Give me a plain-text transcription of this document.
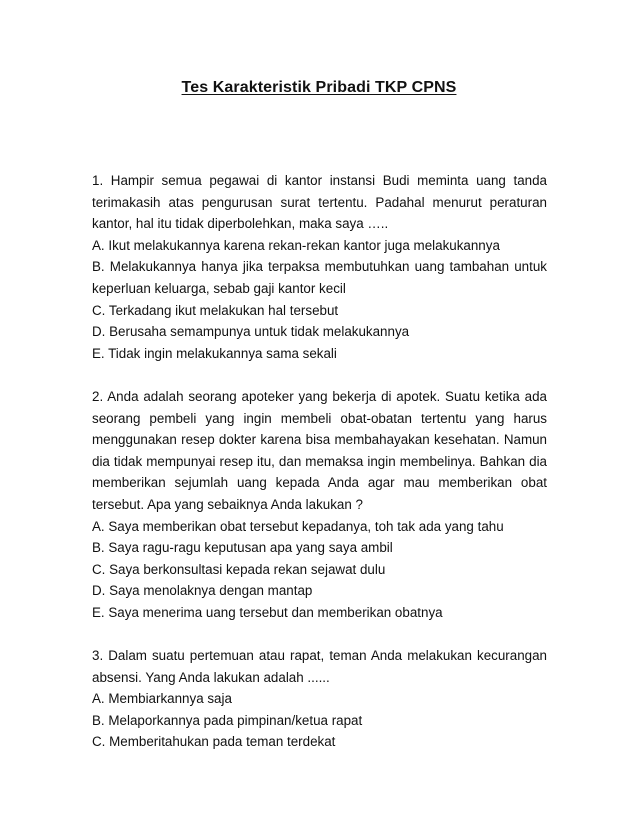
Tes Karakteristik Pribadi TKP CPNS

1. Hampir semua pegawai di kantor instansi Budi meminta uang tanda terimakasih atas pengurusan surat tertentu. Padahal menurut peraturan kantor, hal itu tidak diperbolehkan, maka saya …..

A. Ikut melakukannya karena rekan-rekan kantor juga melakukannya

B. Melakukannya hanya jika terpaksa membutuhkan uang tambahan untuk keperluan keluarga, sebab gaji kantor kecil

C. Terkadang ikut melakukan hal tersebut

D. Berusaha semampunya untuk tidak melakukannya

E. Tidak ingin melakukannya sama sekali

2. Anda adalah seorang apoteker yang bekerja di apotek. Suatu ketika ada seorang pembeli yang ingin membeli obat-obatan tertentu yang harus menggunakan resep dokter karena bisa membahayakan kesehatan. Namun dia tidak mempunyai resep itu, dan memaksa ingin membelinya. Bahkan dia memberikan sejumlah uang kepada Anda agar mau memberikan obat tersebut. Apa yang sebaiknya Anda lakukan ?

A. Saya memberikan obat tersebut kepadanya, toh tak ada yang tahu

B. Saya ragu-ragu keputusan apa yang saya ambil

C. Saya berkonsultasi kepada rekan sejawat dulu

D. Saya menolaknya dengan mantap

E. Saya menerima uang tersebut dan memberikan obatnya

3. Dalam suatu pertemuan atau rapat, teman Anda melakukan kecurangan absensi. Yang Anda lakukan adalah ......

A. Membiarkannya saja

B. Melaporkannya pada pimpinan/ketua rapat

C. Memberitahukan pada teman terdekat
